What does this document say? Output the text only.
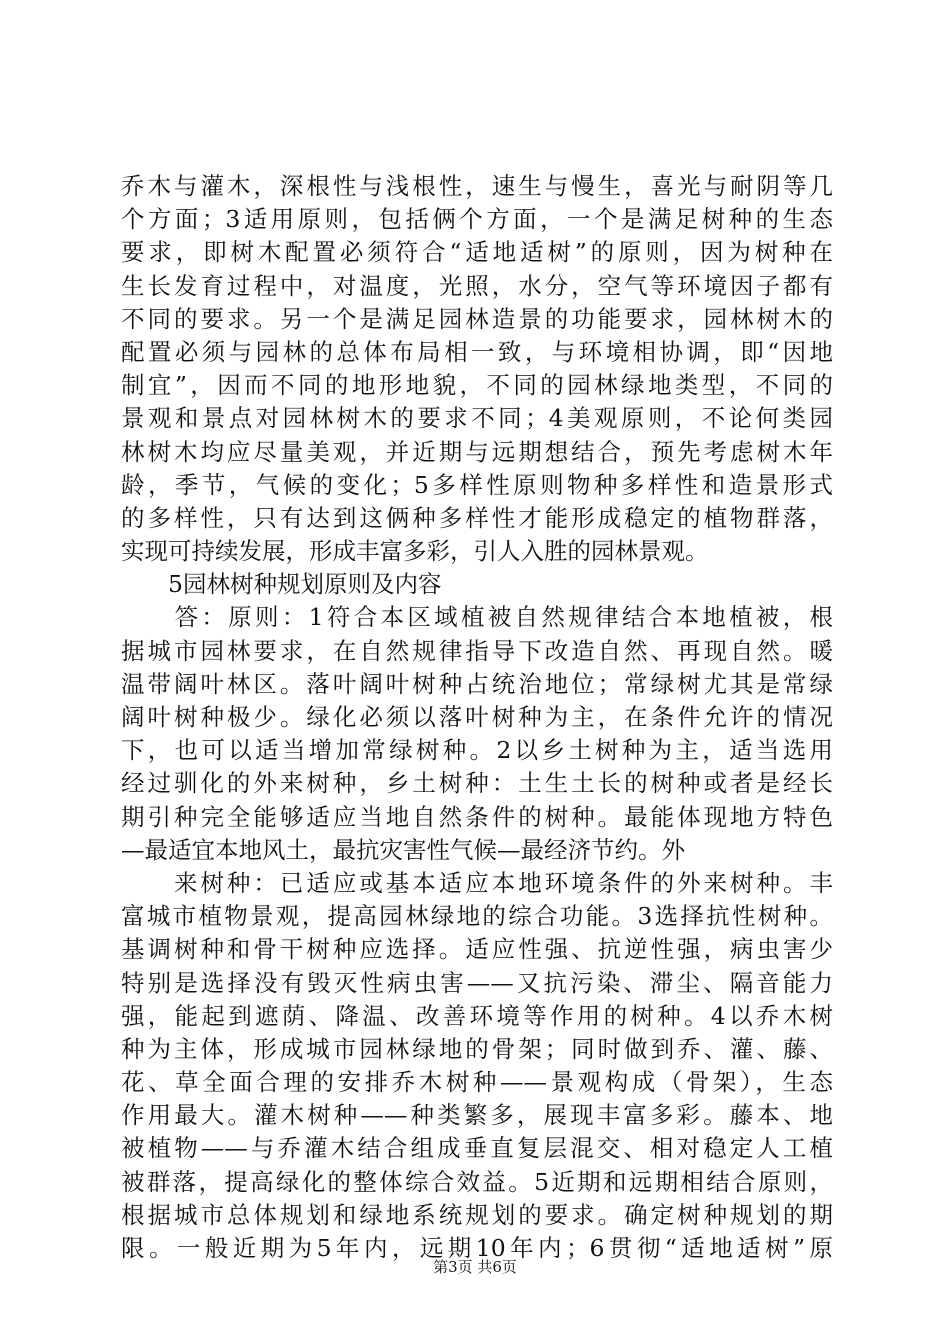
乔木与灌木，深根性与浅根性，速生与慢生，喜光与耐阴等几
个方面；3适用原则，包括俩个方面，一个是满足树种的生态
要求，即树木配置必须符合“适地适树”的原则，因为树种在
生长发育过程中，对温度，光照，水分，空气等环境因子都有
不同的要求。另一个是满足园林造景的功能要求，园林树木的
配置必须与园林的总体布局相一致，与环境相协调，即“因地
制宜”，因而不同的地形地貌，不同的园林绿地类型，不同的
景观和景点对园林树木的要求不同；4美观原则，不论何类园
林树木均应尽量美观，并近期与远期想结合，预先考虑树木年
龄，季节，气候的变化；5多样性原则物种多样性和造景形式
的多样性，只有达到这俩种多样性才能形成稳定的植物群落，
实现可持续发展，形成丰富多彩，引人入胜的园林景观。
　　5园林树种规划原则及内容
　　答：原则：1符合本区域植被自然规律结合本地植被，根
据城市园林要求，在自然规律指导下改造自然、再现自然。暖
温带阔叶林区。落叶阔叶树种占统治地位；常绿树尤其是常绿
阔叶树种极少。绿化必须以落叶树种为主，在条件允许的情况
下，也可以适当增加常绿树种。2以乡土树种为主，适当选用
经过驯化的外来树种，乡土树种：土生土长的树种或者是经长
期引种完全能够适应当地自然条件的树种。最能体现地方特色
—最适宜本地风土，最抗灾害性气候—最经济节约。外
　　来树种：已适应或基本适应本地环境条件的外来树种。丰
富城市植物景观，提高园林绿地的综合功能。3选择抗性树种。
基调树种和骨干树种应选择。适应性强、抗逆性强，病虫害少
特别是选择没有毁灭性病虫害——又抗污染、滞尘、隔音能力
强，能起到遮荫、降温、改善环境等作用的树种。4以乔木树
种为主体，形成城市园林绿地的骨架；同时做到乔、灌、藤、
花、草全面合理的安排乔木树种——景观构成（骨架），生态
作用最大。灌木树种——种类繁多，展现丰富多彩。藤本、地
被植物——与乔灌木结合组成垂直复层混交、相对稳定人工植
被群落，提高绿化的整体综合效益。5近期和远期相结合原则，
根据城市总体规划和绿地系统规划的要求。确定树种规划的期
限。一般近期为5年内，远期10年内；6贯彻“适地适树”原
第3页 共6页
